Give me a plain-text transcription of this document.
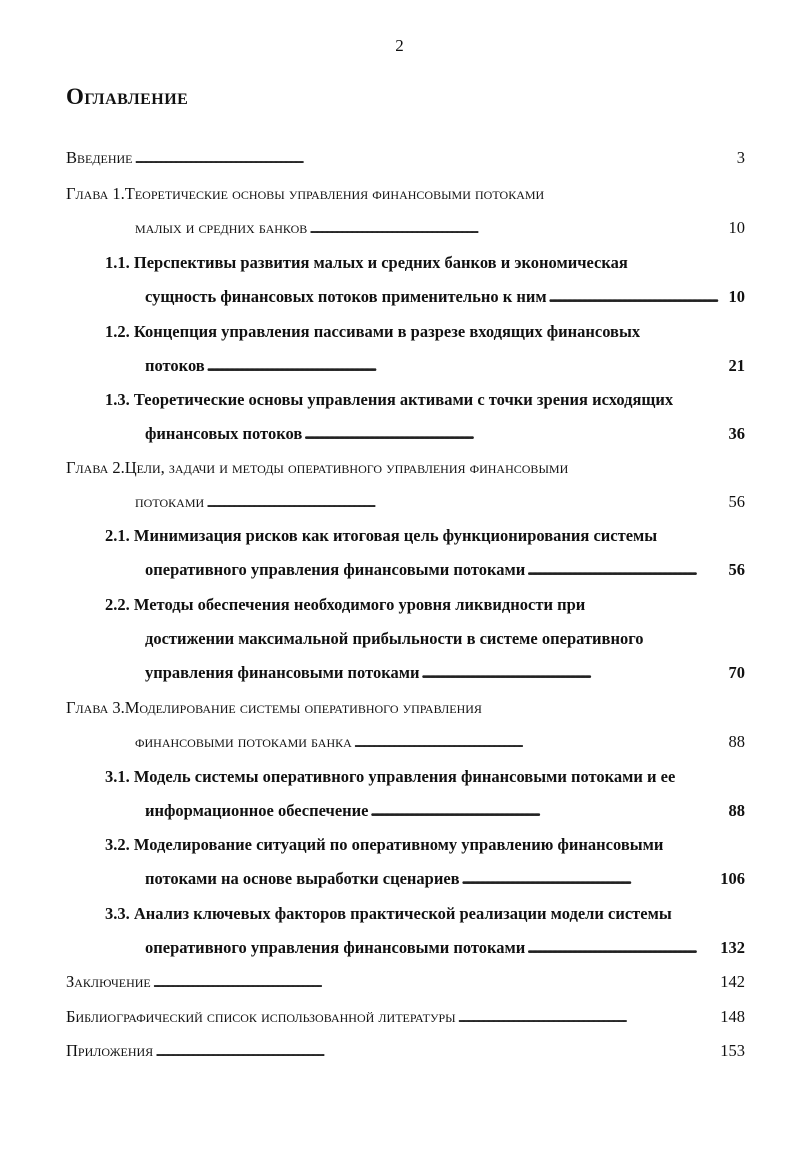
2
Оглавление
Введение . . .	3
Глава 1.Теоретические основы управления финансовыми потоками
малых и средних банков . . .	10
1.1. Перспективы развития малых и средних банков и экономическая
сущность финансовых потоков применительно к ним . . .	10
1.2. Концепция управления пассивами в разрезе входящих финансовых
потоков . . .	21
1.3. Теоретические основы управления активами с точки зрения исходящих
финансовых потоков . . .	36
Глава 2.Цели, задачи и методы оперативного управления финансовыми
потоками . . .	56
2.1. Минимизация рисков как итоговая цель функционирования системы
оперативного управления финансовыми потоками . . .	56
2.2. Методы обеспечения необходимого уровня ликвидности при
достижении максимальной прибыльности в системе оперативного
управления финансовыми потоками . . .	70
Глава 3.Моделирование системы оперативного управления
финансовыми потоками банка . . .	88
3.1. Модель системы оперативного управления финансовыми потоками и ее
информационное обеспечение . . .	88
3.2. Моделирование ситуаций по оперативному управлению финансовыми
потоками на основе выработки сценариев . . .	106
3.3. Анализ ключевых факторов практической реализации модели системы
оперативного управления финансовыми потоками . . .	132
Заключение . . .	142
Библиографический список использованной литературы . . .	148
Приложения . . .	153
